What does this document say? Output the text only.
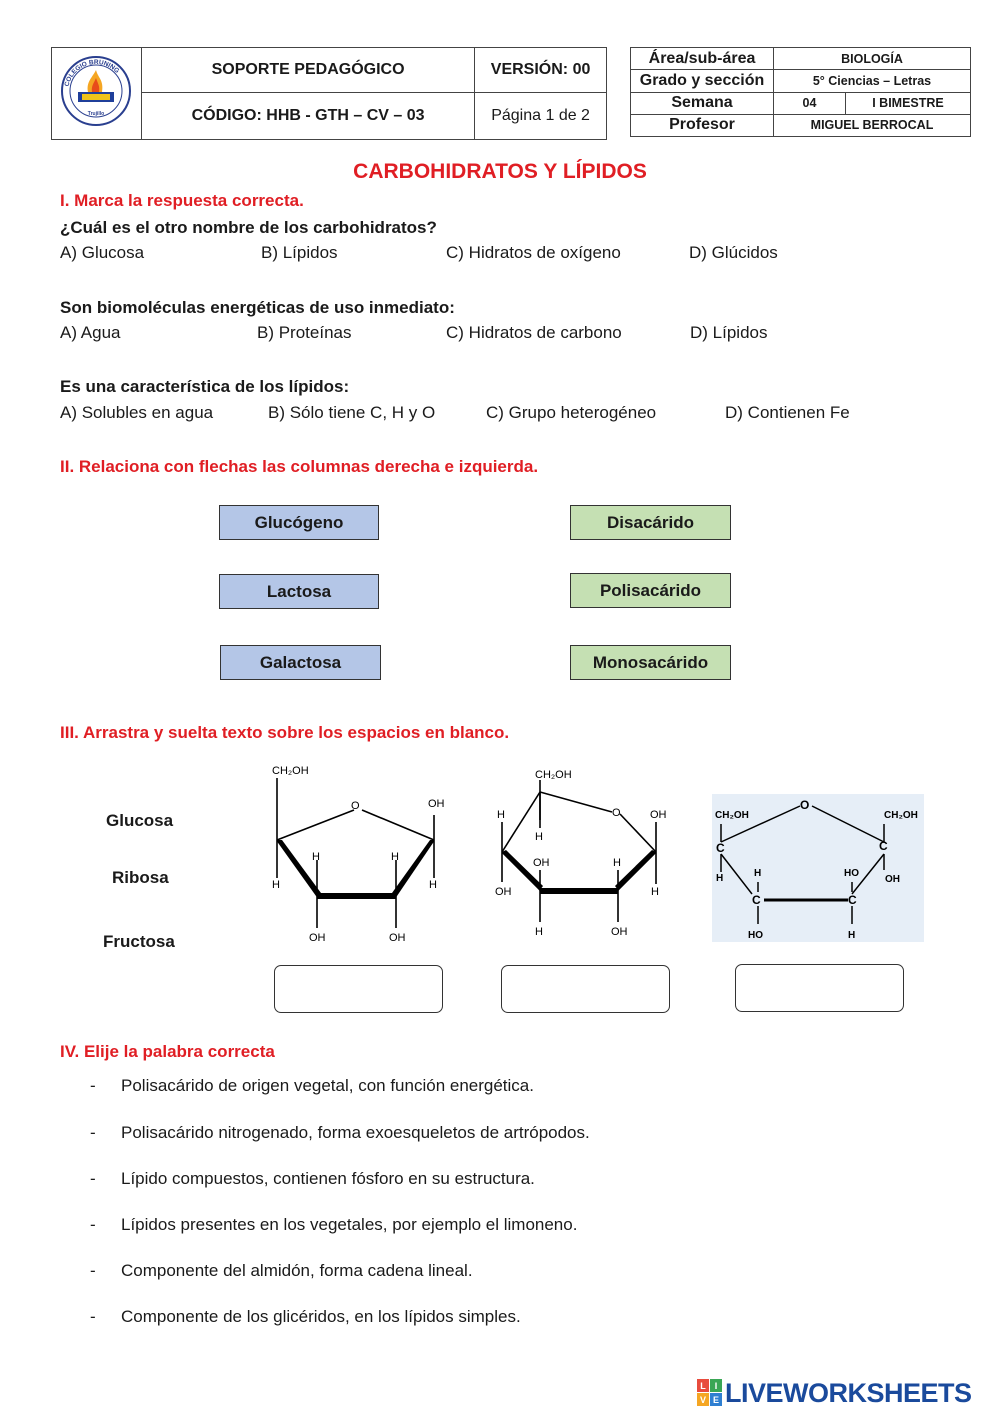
COLEGIO BRUNING
Trujillo	SOPORTE PEDAGÓGICO	VERSIÓN: 00
	CÓDIGO: HHB - GTH – CV – 03	Página 1 de 2
Área/sub-área	BIOLOGÍA	
Grado y sección	5° Ciencias – Letras	
Semana	04	I BIMESTRE
Profesor	MIGUEL BERROCAL	
CARBOHIDRATOS Y LÍPIDOS
I. Marca la respuesta correcta.
¿Cuál es el otro nombre de los carbohidratos?
A) Glucosa	B) Lípidos	C) Hidratos de oxígeno	D) Glúcidos
Son biomoléculas energéticas de uso inmediato:
A) Agua	B) Proteínas	C) Hidratos de carbono	D) Lípidos
Es una característica de los lípidos:
A) Solubles en agua	B) Sólo tiene C, H y O	C) Grupo heterogéneo	D) Contienen Fe
II. Relaciona con flechas las columnas derecha e izquierda.
Glucógeno
Lactosa
Galactosa
Disacárido
Polisacárido
Monosacárido
III. Arrastra y suelta texto sobre los espacios en blanco.
Glucosa
Ribosa
Fructosa
CH₂OH
O	OH
H	H
H	H
OH	OH
CH₂OH
O	OH
H
H
OH	H
H
OH
H	OH
O
CH₂OH	CH₂OH
C	C
C	C
H	OH
H	HO
HO	H
IV. Elije la palabra correcta
- Polisacárido de origen vegetal, con función energética.
- Polisacárido nitrogenado, forma exoesqueletos de artrópodos.
- Lípido compuestos, contienen fósforo en su estructura.
- Lípidos presentes en los vegetales, por ejemplo el limoneno.
- Componente del almidón, forma cadena lineal.
- Componente de los glicéridos, en los lípidos simples.
L I
V E LIVEWORKSHEETS
